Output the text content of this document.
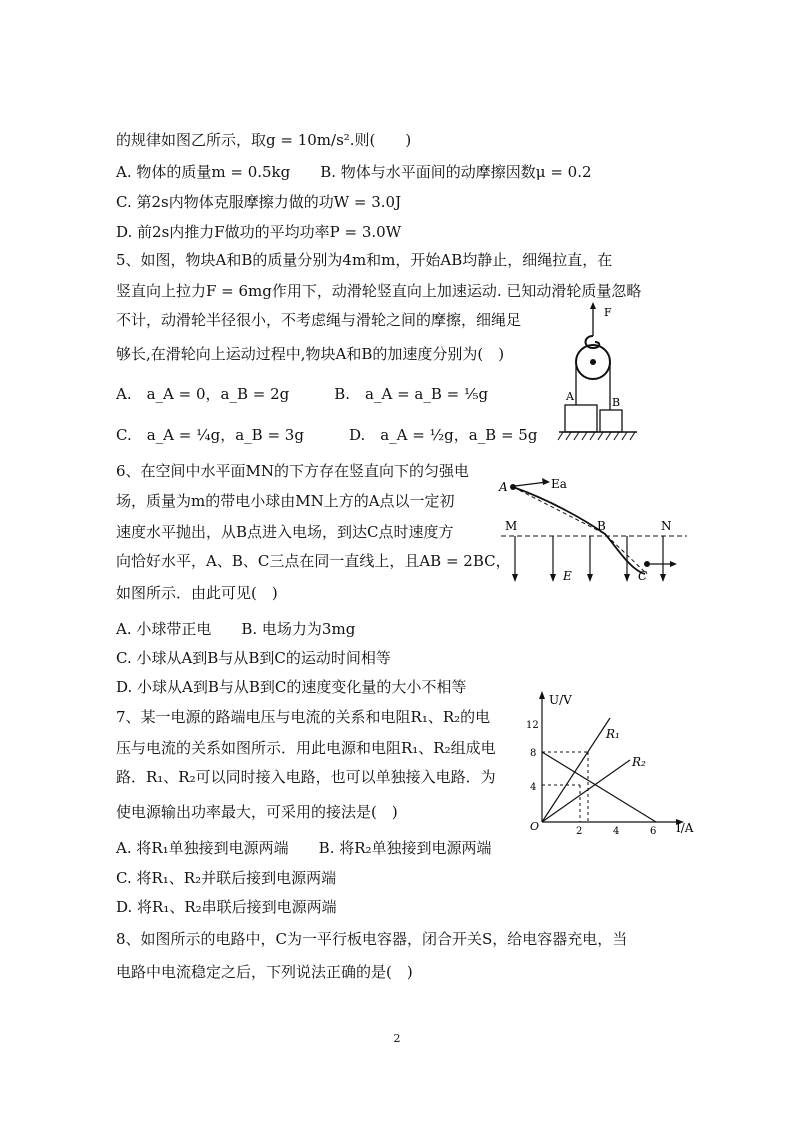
的规律如图乙所示，取g = 10m/s².则(　　)
A. 物体的质量m = 0.5kg　　B. 物体与水平面间的动摩擦因数μ = 0.2
C. 第2s内物体克服摩擦力做的功W = 3.0J
D. 前2s内推力F做功的平均功率P = 3.0W
5、如图，物块A和B的质量分别为4m和m，开始AB均静止，细绳拉直，在
竖直向上拉力F = 6mg作用下，动滑轮竖直向上加速运动. 已知动滑轮质量忽略
不计，动滑轮半径很小，不考虑绳与滑轮之间的摩擦，细绳足
够长,在滑轮向上运动过程中,物块A和B的加速度分别为(　)
A.　a_A = 0，a_B = 2g　　　B.　a_A = a_B = ⅕g
C.　a_A = ¼g，a_B = 3g　　　D.　a_A = ½g，a_B = 5g
6、在空间中水平面MN的下方存在竖直向下的匀强电
场，质量为m的带电小球由MN上方的A点以一定初
速度水平抛出，从B点进入电场，到达C点时速度方
向恰好水平，A、B、C三点在同一直线上，且AB = 2BC，
如图所示．由此可见(　)
A. 小球带正电　　B. 电场力为3mg
C. 小球从A到B与从B到C的运动时间相等
D. 小球从A到B与从B到C的速度变化量的大小不相等
7、某一电源的路端电压与电流的关系和电阻R₁、R₂的电
压与电流的关系如图所示．用此电源和电阻R₁、R₂组成电
路．R₁、R₂可以同时接入电路，也可以单独接入电路．为
使电源输出功率最大，可采用的接法是(　)
A. 将R₁单独接到电源两端　　B. 将R₂单独接到电源两端
C. 将R₁、R₂并联后接到电源两端
D. 将R₁、R₂串联后接到电源两端
8、如图所示的电路中，C为一平行板电容器，闭合开关S，给电容器充电，当
电路中电流稳定之后，下列说法正确的是(　)
F
A	B
A	Ea
M	B	N
E	C
U/V
I/A
12
8
4
O	2	4	6
R₁
R₂
2
